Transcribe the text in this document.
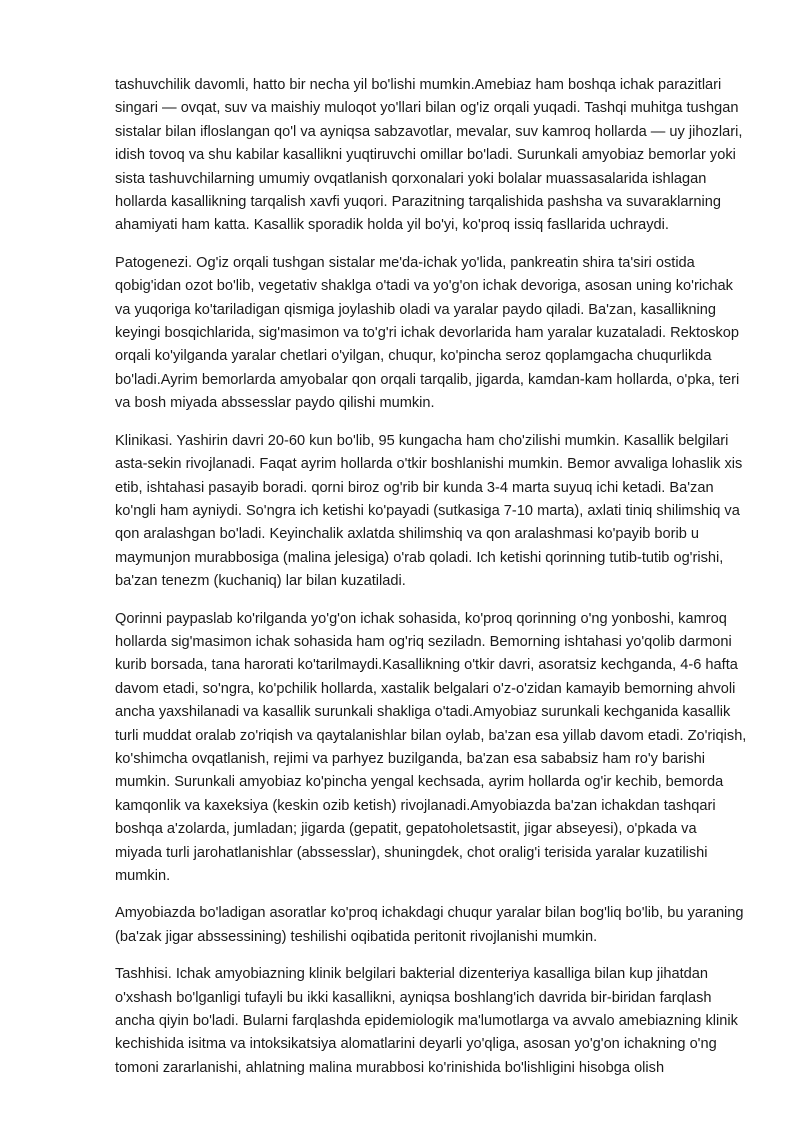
tashuvchilik davomli, hatto bir necha yil bo'lishi mumkin.Amebiaz ham boshqa ichak parazitlari singari — ovqat, suv va maishiy muloqot yo'llari bilan og'iz orqali yuqadi. Tashqi muhitga tushgan sistalar bilan ifloslangan qo'l va ayniqsa sabzavotlar, mevalar, suv kamroq hollarda — uy jihozlari, idish tovoq va shu kabilar kasallikni yuqtiruvchi omillar bo'ladi. Surunkali amyobiaz bemorlar yoki sista tashuvchilarning umumiy ovqatlanish qorxonalari yoki bolalar muassasalarida ishlagan hollarda kasallikning tarqalish xavfi yuqori. Parazitning tarqalishida pashsha va suvaraklarning ahamiyati ham katta. Kasallik sporadik holda yil bo'yi, ko'proq issiq fasllarida uchraydi.

Patogenezi. Og'iz orqali tushgan sistalar me'da-ichak yo'lida, pankreatin shira ta'siri ostida qobig'idan ozot bo'lib, vegetativ shaklga o'tadi va yo'g'on ichak devoriga, asosan uning ko'richak va yuqoriga ko'tariladigan qismiga joylashib oladi va yaralar paydo qiladi. Ba'zan, kasallikning keyingi bosqichlarida, sig'masimon va to'g'ri ichak devorlarida ham yaralar kuzataladi. Rektoskop orqali ko'yilganda yaralar chetlari o'yilgan, chuqur, ko'pincha seroz qoplamgacha chuqurlikda bo'ladi.Ayrim bemorlarda amyobalar qon orqali tarqalib, jigarda, kamdan-kam hollarda, o'pka, teri va bosh miyada abssesslar paydo qilishi mumkin.

Klinikasi. Yashirin davri 20-60 kun bo'lib, 95 kungacha ham cho'zilishi mumkin. Kasallik belgilari asta-sekin rivojlanadi. Faqat ayrim hollarda o'tkir boshlanishi mumkin. Bemor avvaliga lohaslik xis etib, ishtahasi pasayib boradi. qorni biroz og'rib bir kunda 3-4 marta suyuq ichi ketadi. Ba'zan ko'ngli ham ayniydi. So'ngra ich ketishi ko'payadi (sutkasiga 7-10 marta), axlati tiniq shilimshiq va qon aralashgan bo'ladi. Keyinchalik axlatda shilimshiq va qon aralashmasi ko'payib borib u maymunjon murabbosiga (malina jelesiga) o'rab qoladi. Ich ketishi qorinning tutib-tutib og'rishi, ba'zan tenezm (kuchaniq) lar bilan kuzatiladi.

Qorinni paypaslab ko'rilganda yo'g'on ichak sohasida, ko'proq qorinning o'ng yonboshi, kamroq hollarda sig'masimon ichak sohasida ham og'riq seziladn. Bemorning ishtahasi yo'qolib darmoni kurib borsada, tana harorati ko'tarilmaydi.Kasallikning o'tkir davri, asoratsiz kechganda, 4-6 hafta davom etadi, so'ngra, ko'pchilik hollarda, xastalik belgalari o'z-o'zidan kamayib bemorning ahvoli ancha yaxshilanadi va kasallik surunkali shakliga o'tadi.Amyobiaz surunkali kechganida kasallik turli muddat oralab zo'riqish va qaytalanishlar bilan oylab, ba'zan esa yillab davom etadi. Zo'riqish, ko'shimcha ovqatlanish, rejimi va parhyez buzilganda, ba'zan esa sababsiz ham ro'y barishi mumkin. Surunkali amyobiaz ko'pincha yengal kechsada, ayrim hollarda og'ir kechib, bemorda kamqonlik va kaxeksiya (keskin ozib ketish) rivojlanadi.Amyobiazda ba'zan ichakdan tashqari boshqa a'zolarda, jumladan; jigarda (gepatit, gepatoholetsastit, jigar abseyesi), o'pkada va miyada turli jarohatlanishlar (abssesslar), shuningdek, chot oralig'i terisida yaralar kuzatilishi mumkin.

Amyobiazda bo'ladigan asoratlar ko'proq ichakdagi chuqur yaralar bilan bog'liq bo'lib, bu yaraning (ba'zak jigar abssessining) teshilishi oqibatida peritonit rivojlanishi mumkin.

Tashhisi. Ichak amyobiazning klinik belgilari bakterial dizenteriya kasalliga bilan kup jihatdan o'xshash bo'lganligi tufayli bu ikki kasallikni, ayniqsa boshlang'ich davrida bir-biridan farqlash ancha qiyin bo'ladi. Bularni farqlashda epidemiologik ma'lumotlarga va avvalo amebiazning klinik kechishida isitma va intoksikatsiya alomatlarini deyarli yo'qliga, asosan yo'g'on ichakning o'ng tomoni zararlanishi, ahlatning malina murabbosi ko'rinishida bo'lishligini hisobga olish
